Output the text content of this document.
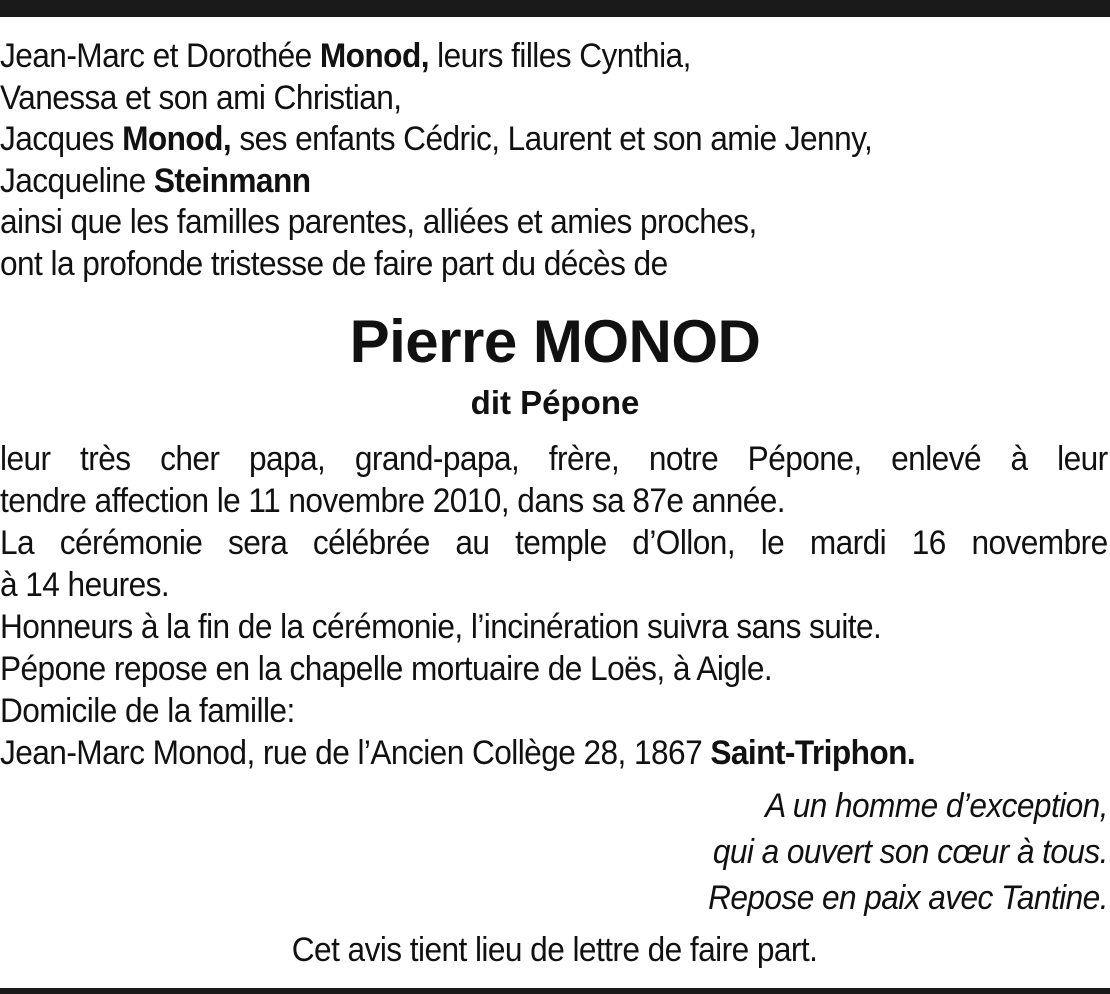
Jean-Marc et Dorothée Monod, leurs filles Cynthia,
Vanessa et son ami Christian,
Jacques Monod, ses enfants Cédric, Laurent et son amie Jenny,
Jacqueline Steinmann
ainsi que les familles parentes, alliées et amies proches,
ont la profonde tristesse de faire part du décès de
Pierre MONOD
dit Pépone
leur très cher papa, grand-papa, frère, notre Pépone, enlevé à leur
tendre affection le 11 novembre 2010, dans sa 87e année.
La cérémonie sera célébrée au temple d’Ollon, le mardi 16 novembre
à 14 heures.
Honneurs à la fin de la cérémonie, l’incinération suivra sans suite.
Pépone repose en la chapelle mortuaire de Loës, à Aigle.
Domicile de la famille:
Jean-Marc Monod, rue de l’Ancien Collège 28, 1867 Saint-Triphon.
A un homme d’exception,
qui a ouvert son cœur à tous.
Repose en paix avec Tantine.
Cet avis tient lieu de lettre de faire part.
